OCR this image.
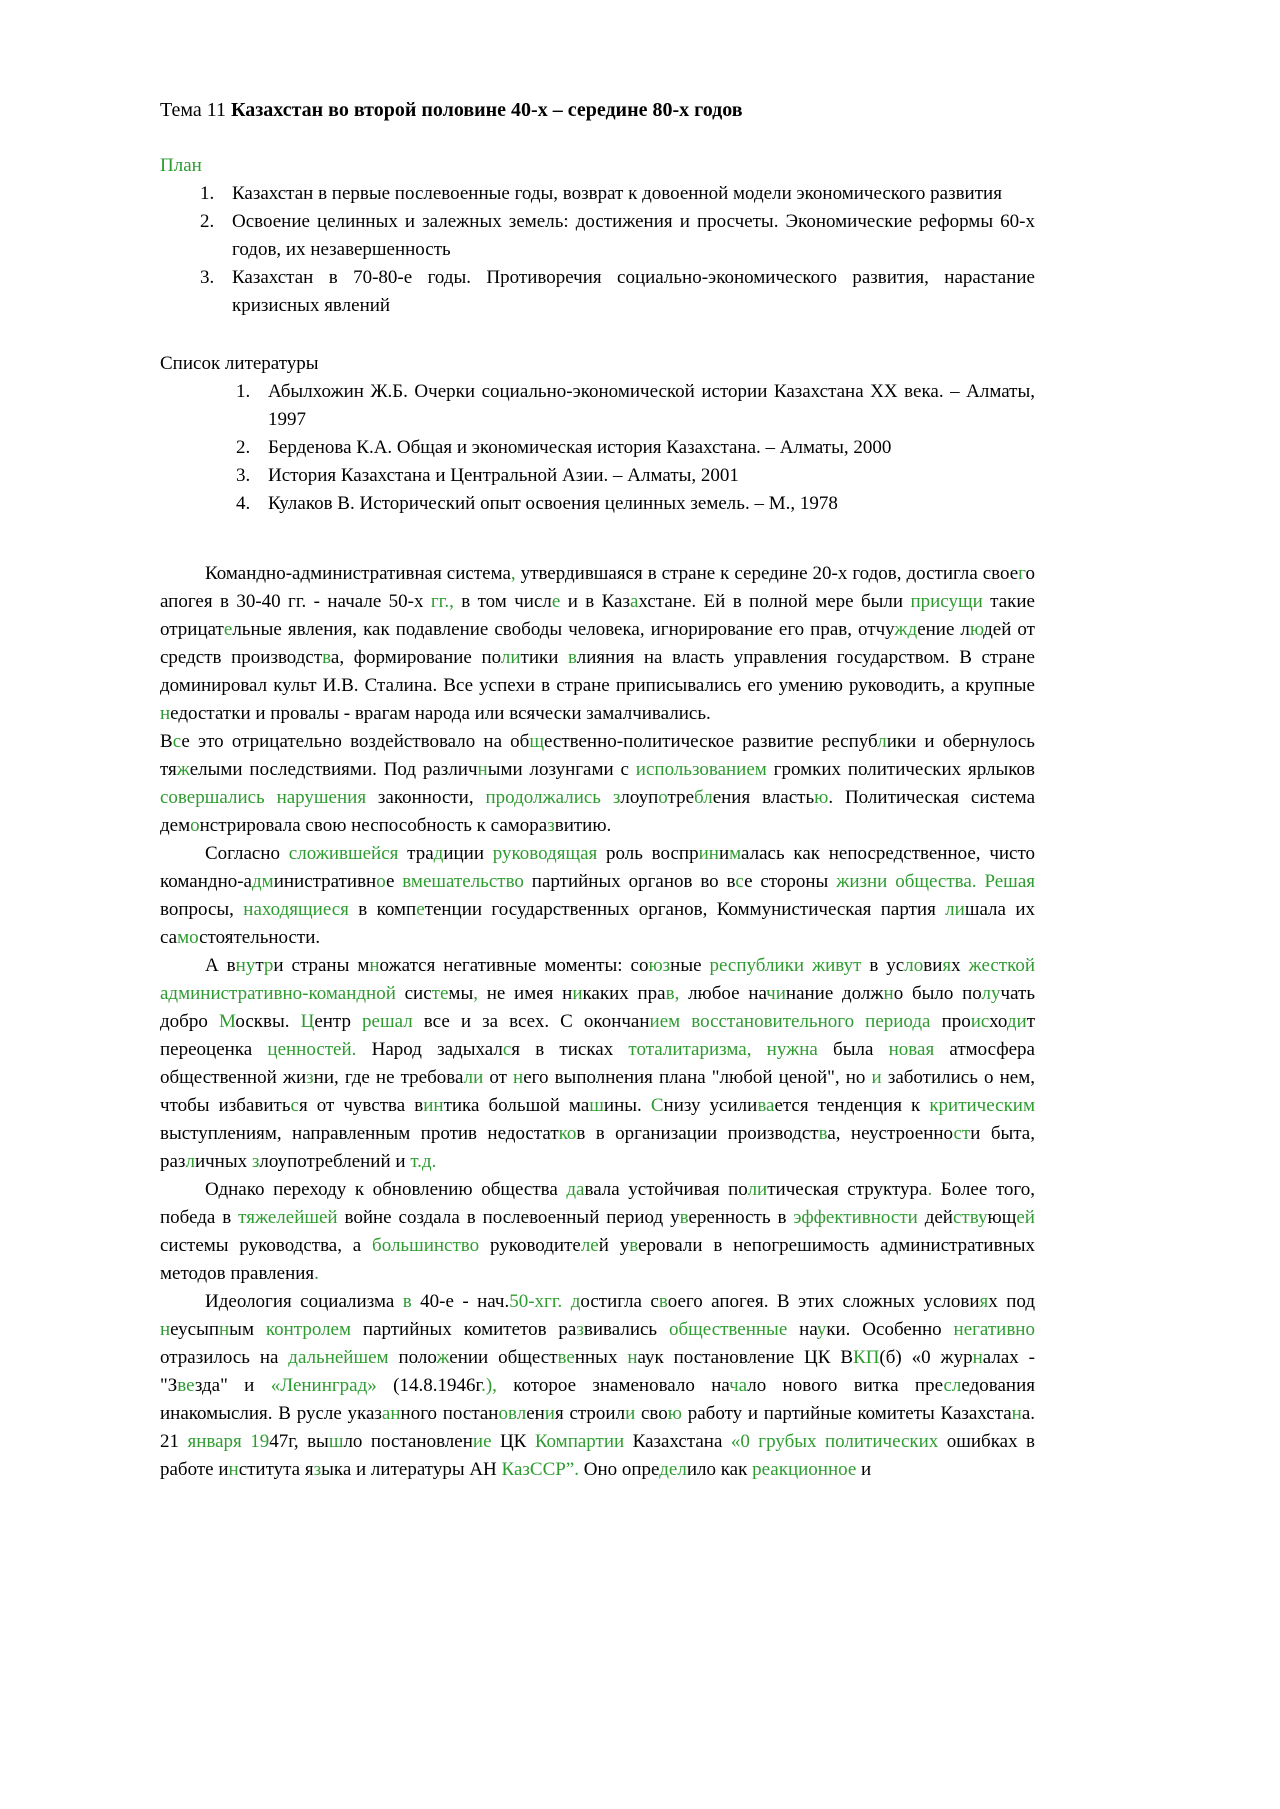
Тема 11 Казахстан во второй половине 40-х – середине 80-х годов
План
1. Казахстан в первые послевоенные годы, возврат к довоенной модели экономического развития
2. Освоение целинных и залежных земель: достижения и просчеты. Экономические реформы 60-х годов, их незавершенность
3. Казахстан в 70-80-е годы. Противоречия социально-экономического развития, нарастание кризисных явлений
Список литературы
1. Абылхожин Ж.Б. Очерки социально-экономической истории Казахстана XX века. – Алматы, 1997
2. Берденова К.А. Общая и экономическая история Казахстана. – Алматы, 2000
3. История Казахстана и Центральной Азии. – Алматы, 2001
4. Кулаков В. Исторический опыт освоения целинных земель. – М., 1978

Командно-административная система, утвердившаяся в стране к середине 20-х годов, достигла своего апогея в 30-40 гг. - начале 50-х гг., в том числе и в Казахстане. Ей в полной мере были присущи такие отрицательные явления, как подавление свободы человека, игнорирование его прав, отчуждение людей от средств производства, формирование политики влияния на власть управления государством. В стране доминировал культ И.В. Сталина. Все успехи в стране приписывались его умению руководить, а крупные недостатки и провалы - врагам народа или всячески замалчивались.

Все это отрицательно воздействовало на общественно-политическое развитие республики и обернулось тяжелыми последствиями. Под различными лозунгами с использованием громких политических ярлыков совершались нарушения законности, продолжались злоупотребления властью. Политическая система демонстрировала свою неспособность к саморазвитию.

Согласно сложившейся традиции руководящая роль воспринималась как непосредственное, чисто командно-административное вмешательство партийных органов во все стороны жизни общества. Решая вопросы, находящиеся в компетенции государственных органов, Коммунистическая партия лишала их самостоятельности.

А внутри страны множатся негативные моменты: союзные республики живут в условиях жесткой административно-командной системы, не имея никаких прав, любое начинание должно было получать добро Москвы. Центр решал все и за всех. С окончанием восстановительного периода происходит переоценка ценностей. Народ задыхался в тисках тоталитаризма, нужна была новая атмосфера общественной жизни, где не требовали от него выполнения плана "любой ценой", но и заботились о нем, чтобы избавиться от чувства винтика большой машины. Снизу усиливается тенденция к критическим выступлениям, направленным против недостатков в организации производства, неустроенности быта, различных злоупотреблений и т.д.

Однако переходу к обновлению общества давала устойчивая политическая структура. Более того, победа в тяжелейшей войне создала в послевоенный период уверенность в эффективности действующей системы руководства, а большинство руководителей уверовали в непогрешимость административных методов правления.

Идеология социализма в 40-е - нач.50-хгг. достигла своего апогея. В этих сложных условиях под неусыпным контролем партийных комитетов развивались общественные науки. Особенно негативно отразилось на дальнейшем положении общественных наук постановление ЦК ВКП(б) «0 журналах - "Звезда" и «Ленинград» (14.8.1946г.), которое знаменовало начало нового витка преследования инакомыслия. В русле указанного постановления строили свою работу и партийные комитеты Казахстана. 21 января 1947г, вышло постановление ЦК Компартии Казахстана «0 грубых политических ошибках в работе института языка и литературы АН КазССР”. Оно определило как реакционное и
